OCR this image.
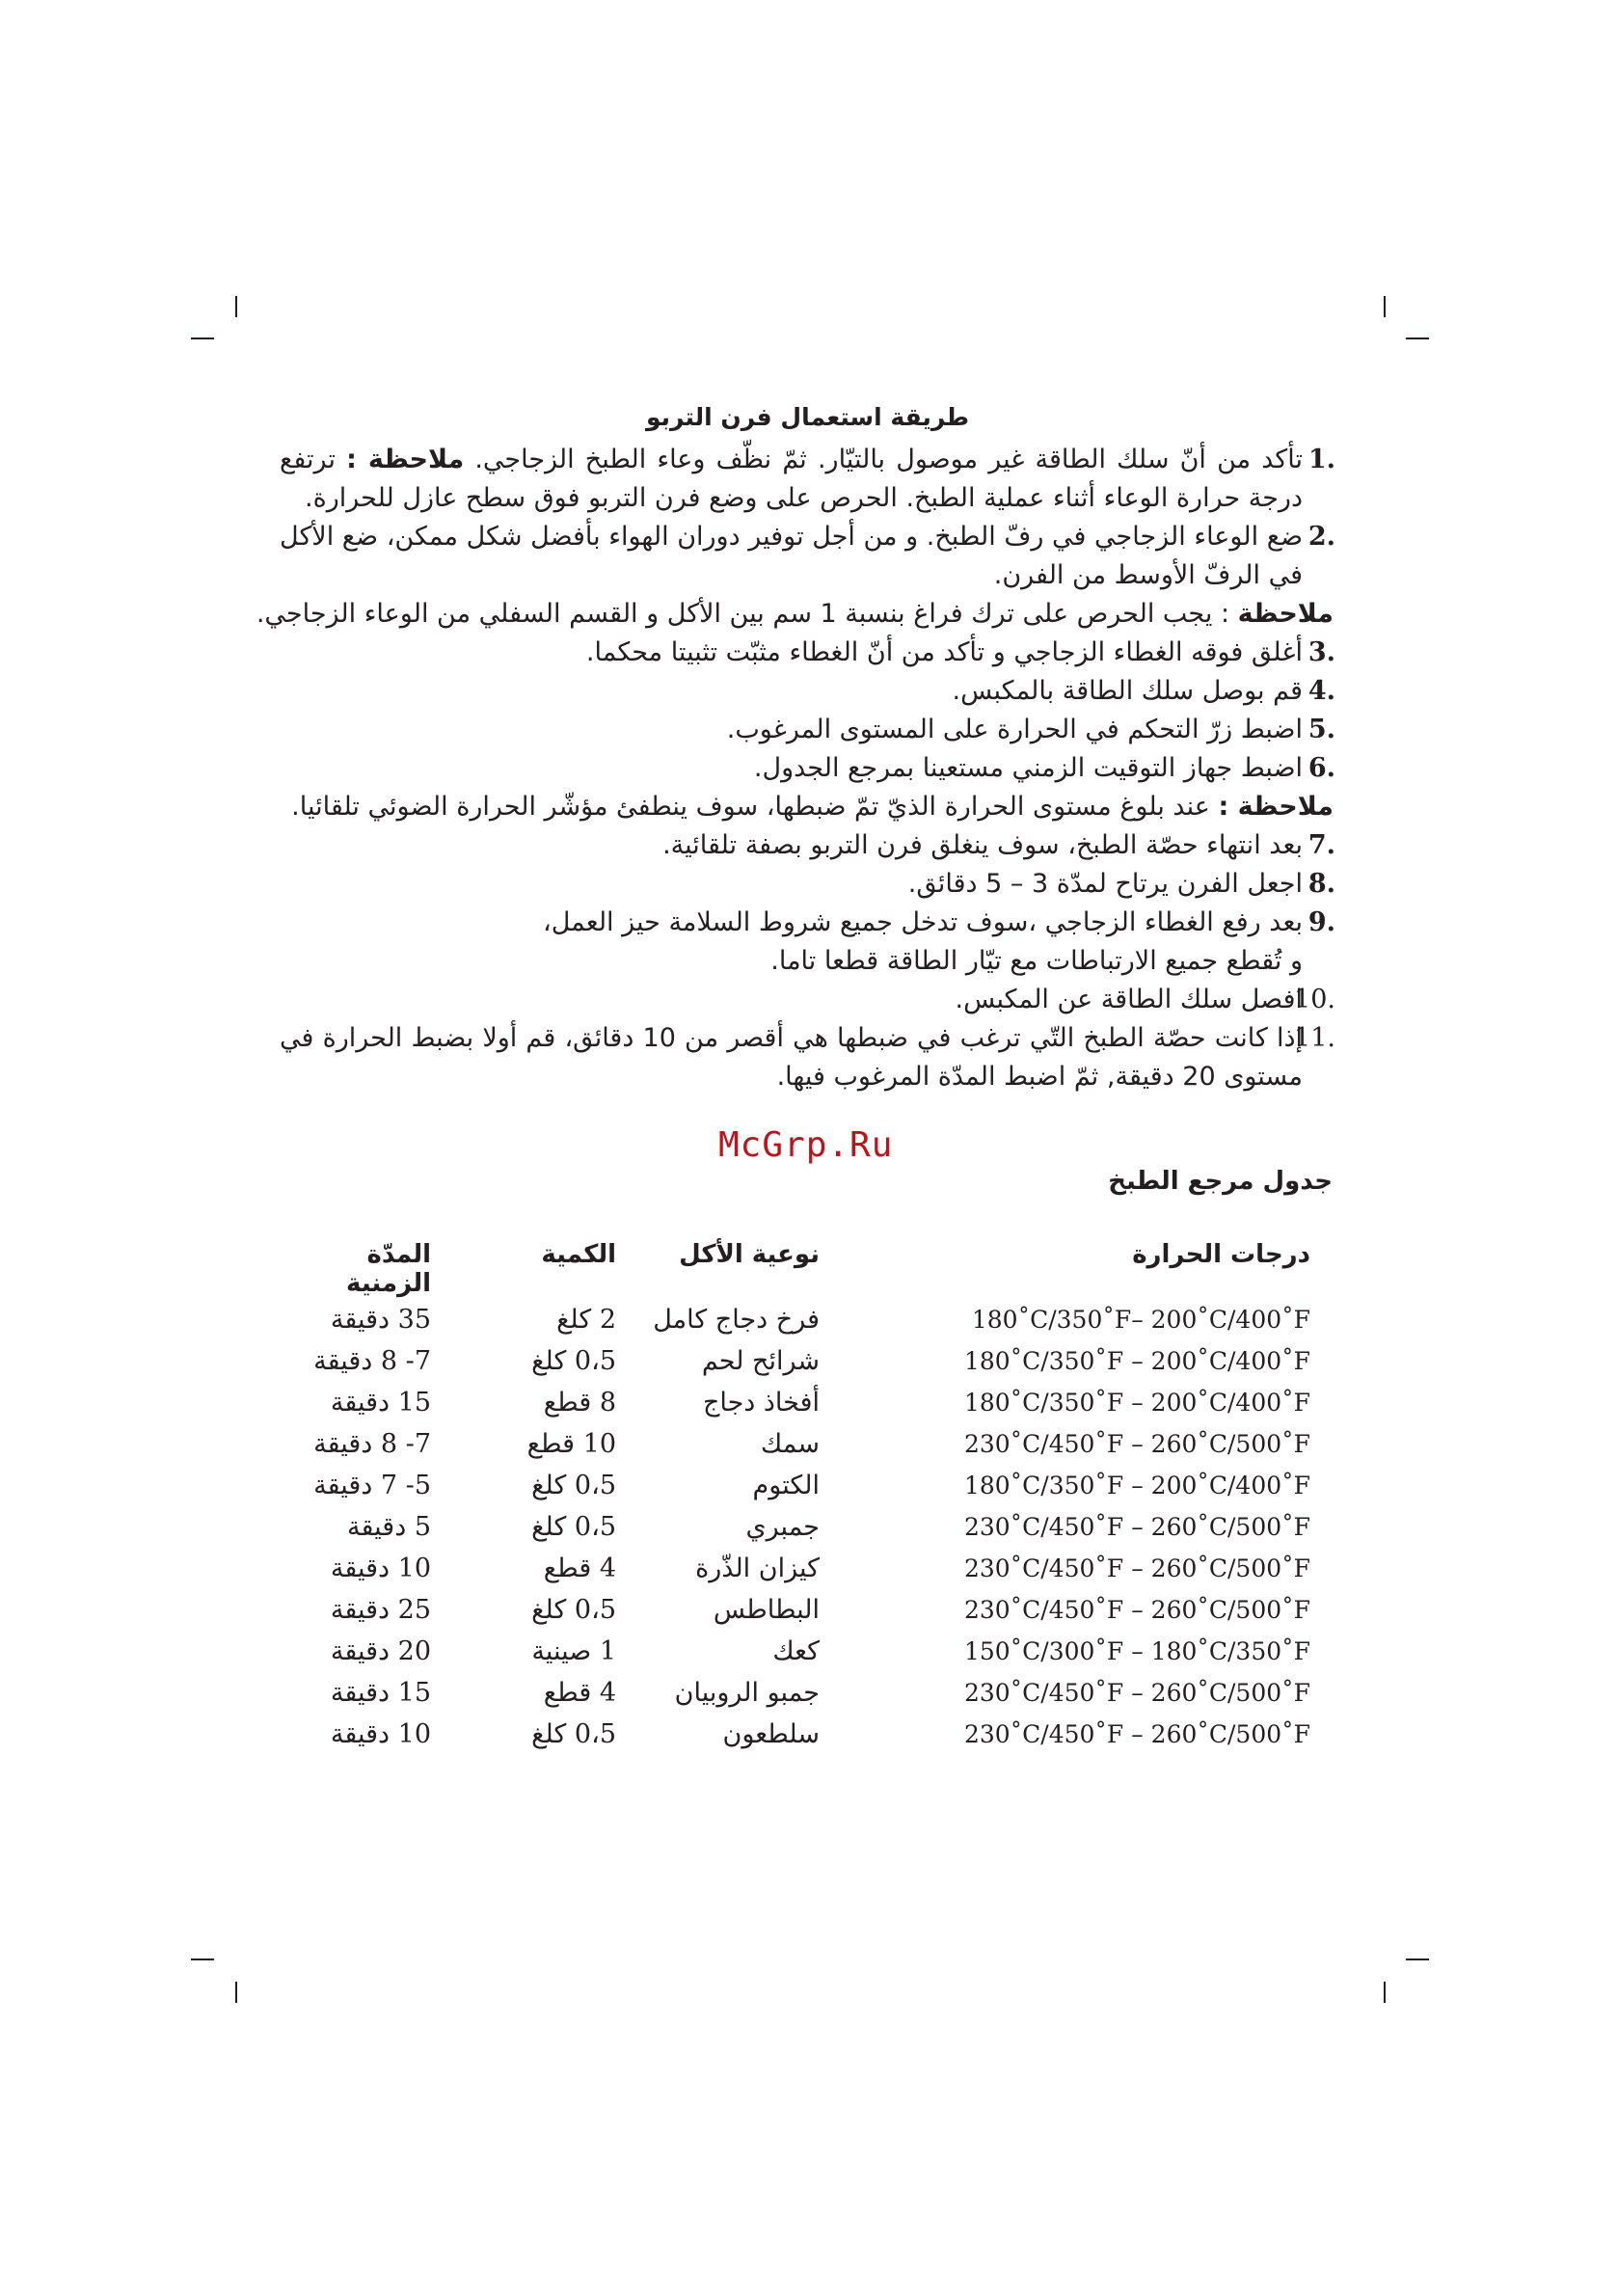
طريقة استعمال فرن التربو
1.
تأكد من أنّ سلك الطاقة غير موصول بالتيّار. ثمّ نظّف وعاء الطبخ الزجاجي. ملاحظة : ترتفع درجة حرارة الوعاء أثناء عملية الطبخ. الحرص على وضع فرن التربو فوق سطح عازل للحرارة.
2.
ضع الوعاء الزجاجي في رفّ الطبخ. و من أجل توفير دوران الهواء بأفضل شكل ممكن، ضع الأكل في الرفّ الأوسط من الفرن.
ملاحظة : يجب الحرص على ترك فراغ بنسبة 1 سم بين الأكل و القسم السفلي من الوعاء الزجاجي.
3.
أغلق فوقه الغطاء الزجاجي و تأكد من أنّ الغطاء مثبّت تثبيتا محكما.
4.
قم بوصل سلك الطاقة بالمكبس.
5.
اضبط زرّ التحكم في الحرارة على المستوى المرغوب.
6.
اضبط جهاز التوقيت الزمني مستعينا بمرجع الجدول.
ملاحظة : عند بلوغ مستوى الحرارة الذيّ تمّ ضبطها، سوف ينطفئ مؤشّر الحرارة الضوئي تلقائيا.
7.
بعد انتهاء حصّة الطبخ، سوف ينغلق فرن التربو بصفة تلقائية.
8.
اجعل الفرن يرتاح لمدّة 3 – 5 دقائق.
9.
بعد رفع الغطاء الزجاجي ،سوف تدخل جميع شروط السلامة حيز العمل،
و تُقطع جميع الارتباطات مع تيّار الطاقة قطعا تاما.
10.
افصل سلك الطاقة عن المكبس.
11.
إذا كانت حصّة الطبخ التّي ترغب في ضبطها هي أقصر من 10 دقائق، قم أولا بضبط الحرارة في مستوى 20 دقيقة, ثمّ اضبط المدّة المرغوب فيها.
McGrp.Ru
جدول مرجع الطبخ
المدّة الزمنية	الكمية	نوعية الأكل	درجات الحرارة
35 دقيقة	2 كلغ	فرخ دجاج كامل	180˚C/350˚F– 200˚C/400˚F
7- 8 دقيقة	0،5 كلغ	شرائح لحم	180˚C/350˚F – 200˚C/400˚F
15 دقيقة	8 قطع	أفخاذ دجاج	180˚C/350˚F – 200˚C/400˚F
7- 8 دقيقة	10 قطع	سمك	230˚C/450˚F – 260˚C/500˚F
5- 7 دقيقة	0،5 كلغ	الكتوم	180˚C/350˚F – 200˚C/400˚F
5 دقيقة	0،5 كلغ	جمبري	230˚C/450˚F – 260˚C/500˚F
10 دقيقة	4 قطع	كيزان الذّرة	230˚C/450˚F – 260˚C/500˚F
25 دقيقة	0،5 كلغ	البطاطس	230˚C/450˚F – 260˚C/500˚F
20 دقيقة	1 صينية	كعك	150˚C/300˚F – 180˚C/350˚F
15 دقيقة	4 قطع	جمبو الروبيان	230˚C/450˚F – 260˚C/500˚F
10 دقيقة	0،5 كلغ	سلطعون	230˚C/450˚F – 260˚C/500˚F
